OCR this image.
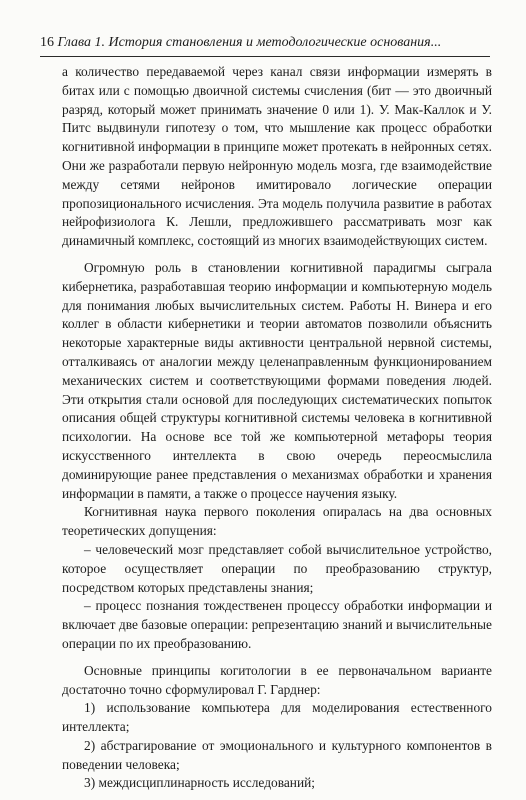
16 Глава 1. История становления и методологические основания...

а количество передаваемой через канал связи информации измерять в битах или с помощью двоичной системы счисления (бит — это двоичный разряд, который может принимать значение 0 или 1). У. Мак-Каллок и У. Питс выдвинули гипотезу о том, что мышление как процесс обработки когнитивной информации в принципе может протекать в нейронных сетях. Они же разработали первую нейронную модель мозга, где взаимодействие между сетями нейронов имитировало логические операции пропозиционального исчисления. Эта модель получила развитие в работах нейрофизиолога К. Лешли, предложившего рассматривать мозг как динамичный комплекс, состоящий из многих взаимодействующих систем.

Огромную роль в становлении когнитивной парадигмы сыграла кибернетика, разработавшая теорию информации и компьютерную модель для понимания любых вычислительных систем. Работы Н. Винера и его коллег в области кибернетики и теории автоматов позволили объяснить некоторые характерные виды активности центральной нервной системы, отталкиваясь от аналогии между целенаправленным функционированием механических систем и соответствующими формами поведения людей. Эти открытия стали основой для последующих систематических попыток описания общей структуры когнитивной системы человека в когнитивной психологии. На основе все той же компьютерной метафоры теория искусственного интеллекта в свою очередь переосмыслила доминирующие ранее представления о механизмах обработки и хранения информации в памяти, а также о процессе научения языку.

Когнитивная наука первого поколения опиралась на два основных теоретических допущения:

– человеческий мозг представляет собой вычислительное устройство, которое осуществляет операции по преобразованию структур, посредством которых представлены знания;

– процесс познания тождественен процессу обработки информации и включает две базовые операции: репрезентацию знаний и вычислительные операции по их преобразованию.

Основные принципы когитологии в ее первоначальном варианте достаточно точно сформулировал Г. Гарднер:

1) использование компьютера для моделирования естественного интеллекта;

2) абстрагирование от эмоционального и культурного компонентов в поведении человека;

3) междисциплинарность исследований;
